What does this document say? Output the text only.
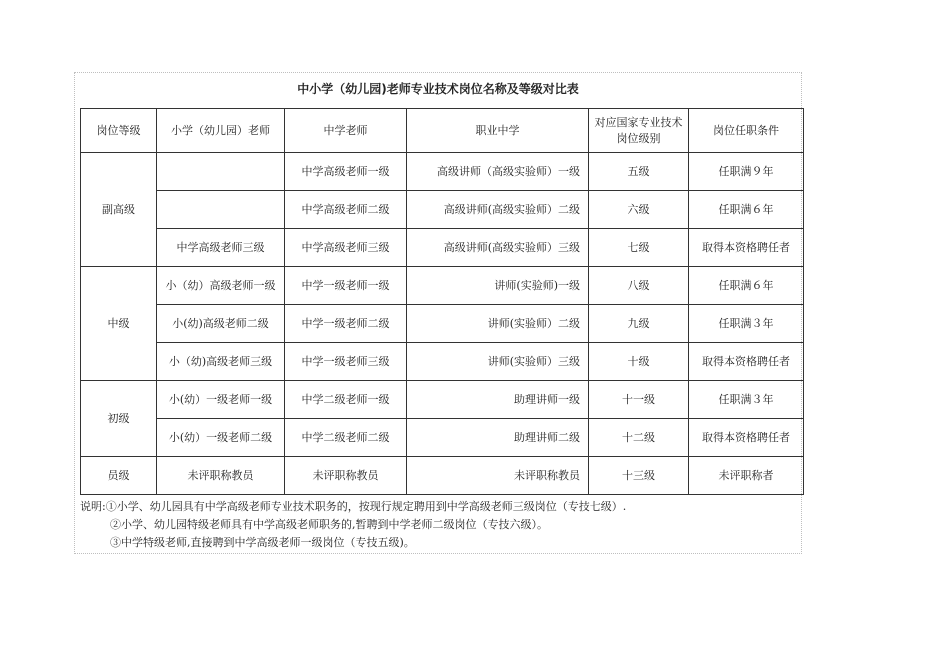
中小学（幼儿园)老师专业技术岗位名称及等级对比表
岗位等级	小学（幼儿园）老师	中学老师	职业中学	对应国家专业技术岗位级别	岗位任职条件
副高级		中学高级老师一级	高级讲师（高级实验师）一级	五级	任职满９年
		中学高级老师二级	高级讲师(高级实验师）二级	六级	任职满６年
	中学高级老师三级	中学高级老师三级	高级讲师(高级实验师）三级	七级	取得本资格聘任者
中级	小（幼）高级老师一级	中学一级老师一级	讲师(实验师)一级	八级	任职满６年
	小(幼)高级老师二级	中学一级老师二级	讲师(实验师）二级	九级	任职满３年
	小（幼)高级老师三级	中学一级老师三级	讲师(实验师）三级	十级	取得本资格聘任者
初级	小(幼）一级老师一级	中学二级老师一级	助理讲师一级	十一级	任职满３年
	小(幼）一级老师二级	中学二级老师二级	助理讲师二级	十二级	取得本资格聘任者
员级	未评职称教员	未评职称教员	未评职称教员	十三级	未评职称者
说明:①小学、幼儿园具有中学高级老师专业技术职务的，按现行规定聘用到中学高级老师三级岗位（专技七级）.
②小学、幼儿园特级老师具有中学高级老师职务的,暂聘到中学老师二级岗位（专技六级）。
③中学特级老师,直接聘到中学高级老师一级岗位（专技五级)。
